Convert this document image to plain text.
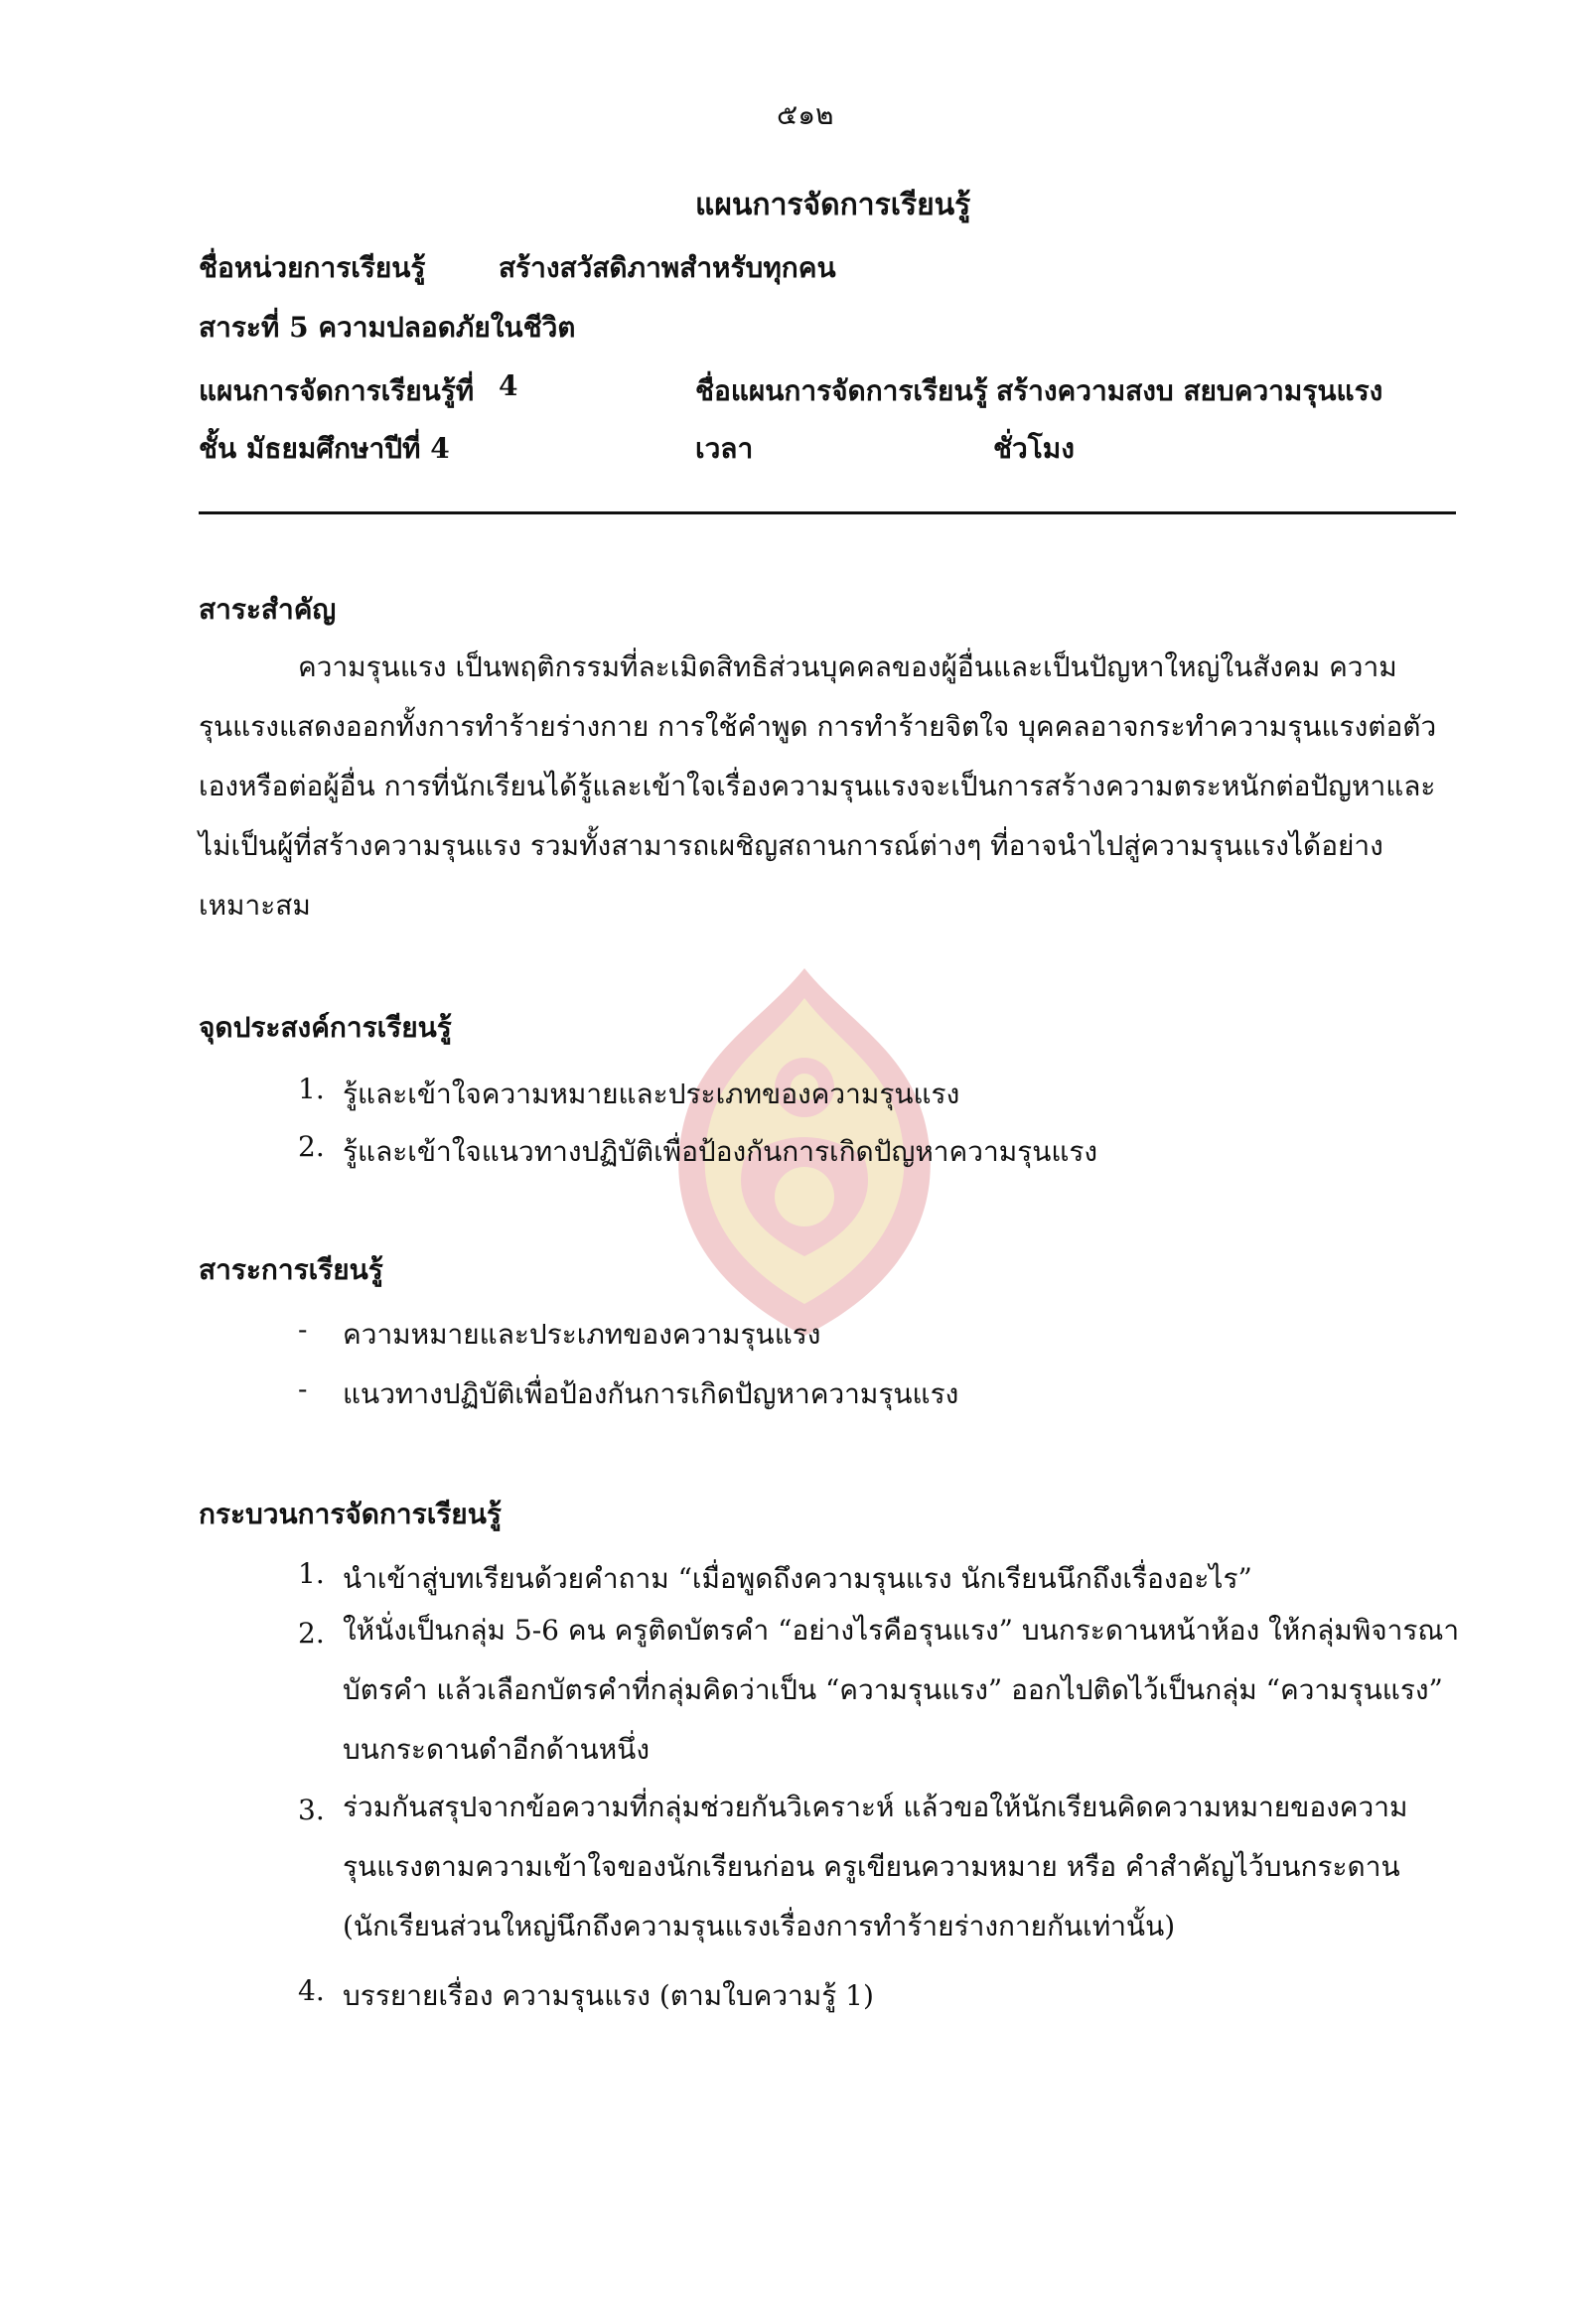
๕๑๒
แผนการจัดการเรียนรู้
ชื่อหน่วยการเรียนรู้	สร้างสวัสดิภาพสำหรับทุกคน
สาระที่ 5 ความปลอดภัยในชีวิต
แผนการจัดการเรียนรู้ที่ 4	ชื่อแผนการจัดการเรียนรู้ สร้างความสงบ สยบความรุนแรง
ชั้น มัธยมศึกษาปีที่ 4	เวลา	ชั่วโมง
สาระสำคัญ
ความรุนแรง เป็นพฤติกรรมที่ละเมิดสิทธิส่วนบุคคลของผู้อื่นและเป็นปัญหาใหญ่ในสังคม ความรุนแรงแสดงออกทั้งการทำร้ายร่างกาย การใช้คำพูด การทำร้ายจิตใจ บุคคลอาจกระทำความรุนแรงต่อตัวเองหรือต่อผู้อื่น การที่นักเรียนได้รู้และเข้าใจเรื่องความรุนแรงจะเป็นการสร้างความตระหนักต่อปัญหาและไม่เป็นผู้ที่สร้างความรุนแรง รวมทั้งสามารถเผชิญสถานการณ์ต่างๆ ที่อาจนำไปสู่ความรุนแรงได้อย่างเหมาะสม
จุดประสงค์การเรียนรู้
1. รู้และเข้าใจความหมายและประเภทของความรุนแรง
2. รู้และเข้าใจแนวทางปฏิบัติเพื่อป้องกันการเกิดปัญหาความรุนแรง
สาระการเรียนรู้
-	ความหมายและประเภทของความรุนแรง
-	แนวทางปฏิบัติเพื่อป้องกันการเกิดปัญหาความรุนแรง
กระบวนการจัดการเรียนรู้
1. นำเข้าสู่บทเรียนด้วยคำถาม “เมื่อพูดถึงความรุนแรง นักเรียนนึกถึงเรื่องอะไร”
2. ให้นั่งเป็นกลุ่ม 5-6 คน ครูติดบัตรคำ “อย่างไรคือรุนแรง” บนกระดานหน้าห้อง ให้กลุ่มพิจารณาบัตรคำ แล้วเลือกบัตรคำที่กลุ่มคิดว่าเป็น “ความรุนแรง” ออกไปติดไว้เป็นกลุ่ม “ความรุนแรง” บนกระดานดำอีกด้านหนึ่ง
3. ร่วมกันสรุปจากข้อความที่กลุ่มช่วยกันวิเคราะห์ แล้วขอให้นักเรียนคิดความหมายของความรุนแรงตามความเข้าใจของนักเรียนก่อน ครูเขียนความหมาย หรือ คำสำคัญไว้บนกระดาน (นักเรียนส่วนใหญ่นึกถึงความรุนแรงเรื่องการทำร้ายร่างกายกันเท่านั้น)
4. บรรยายเรื่อง ความรุนแรง (ตามใบความรู้ 1)
